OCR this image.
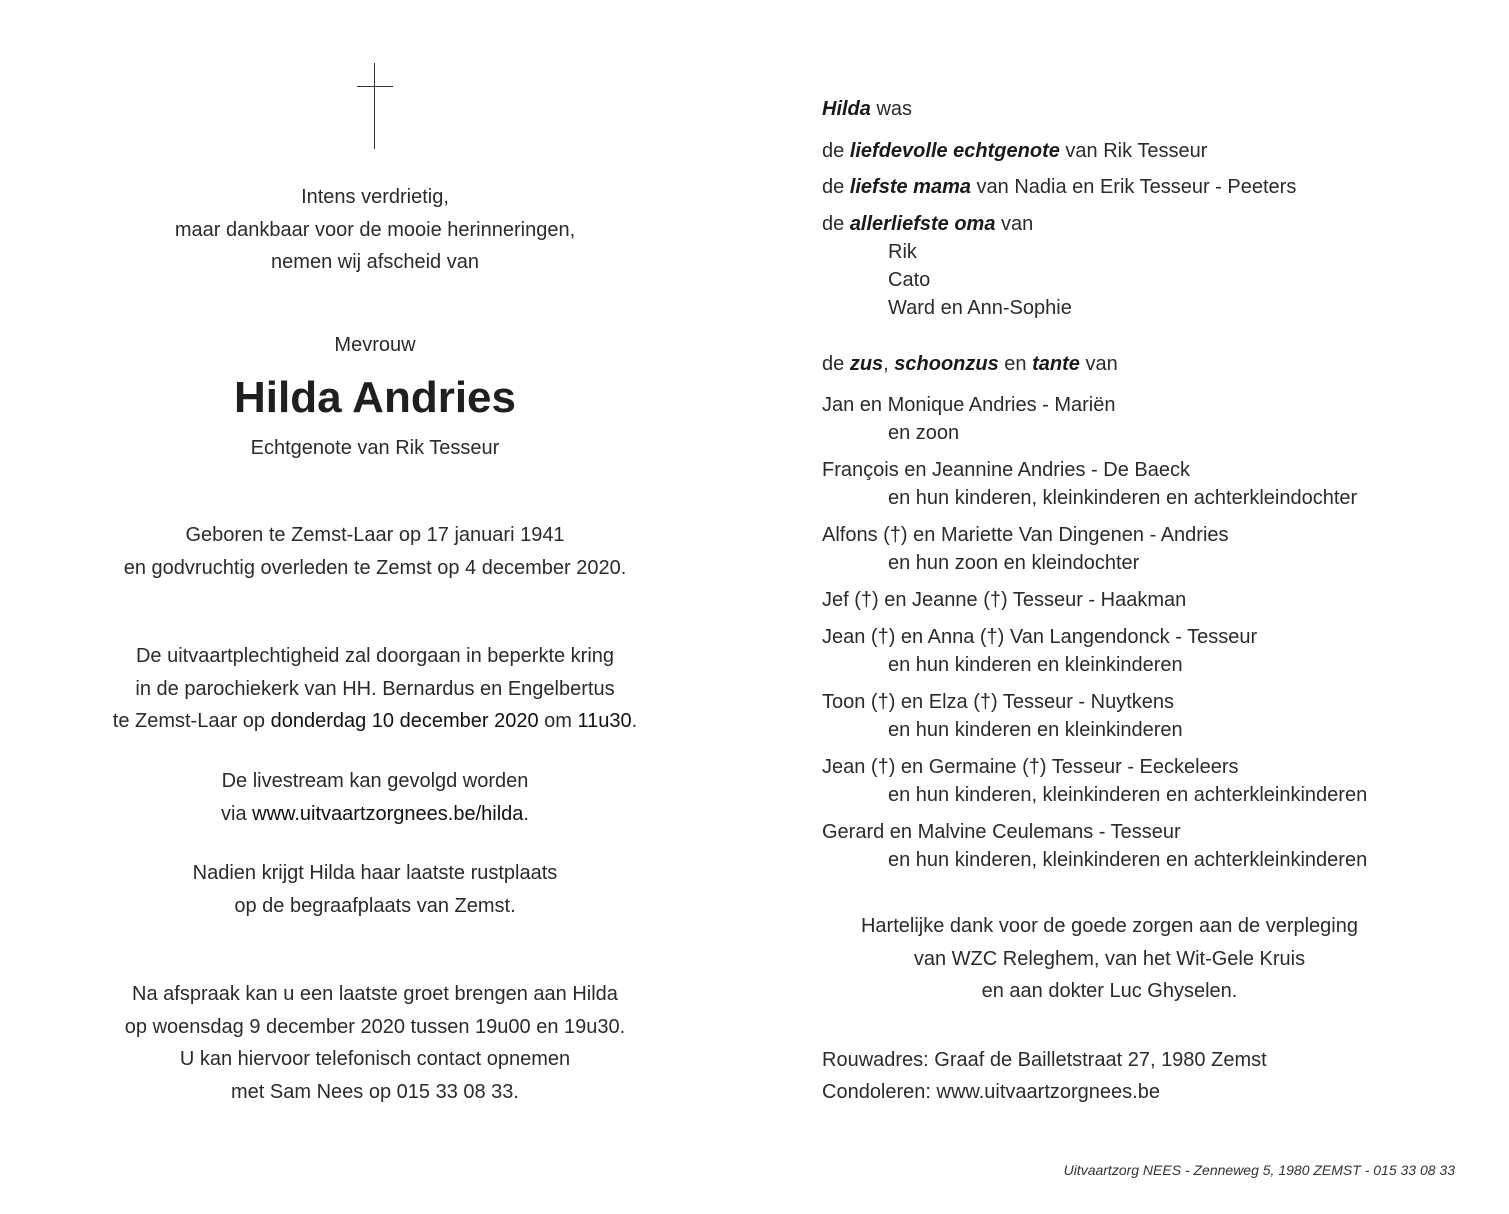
Intens verdrietig,
maar dankbaar voor de mooie herinneringen,
nemen wij afscheid van
Mevrouw
Hilda Andries
Echtgenote van Rik Tesseur
Geboren te Zemst-Laar op 17 januari 1941
en godvruchtig overleden te Zemst op 4 december 2020.
De uitvaartplechtigheid zal doorgaan in beperkte kring
in de parochiekerk van HH. Bernardus en Engelbertus
te Zemst-Laar op donderdag 10 december 2020 om 11u30.
De livestream kan gevolgd worden
via www.uitvaartzorgnees.be/hilda.
Nadien krijgt Hilda haar laatste rustplaats
op de begraafplaats van Zemst.
Na afspraak kan u een laatste groet brengen aan Hilda
op woensdag 9 december 2020 tussen 19u00 en 19u30.
U kan hiervoor telefonisch contact opnemen
met Sam Nees op 015 33 08 33.
Hilda was
de liefdevolle echtgenote van Rik Tesseur
de liefste mama van Nadia en Erik Tesseur - Peeters
de allerliefste oma van
Rik
Cato
Ward en Ann-Sophie
de zus, schoonzus en tante van
Jan en Monique Andries - Mariën
en zoon
François en Jeannine Andries - De Baeck
en hun kinderen, kleinkinderen en achterkleindochter
Alfons (†) en Mariette Van Dingenen - Andries
en hun zoon en kleindochter
Jef (†) en Jeanne (†) Tesseur - Haakman
Jean (†) en Anna (†) Van Langendonck - Tesseur
en hun kinderen en kleinkinderen
Toon (†) en Elza (†) Tesseur - Nuytkens
en hun kinderen en kleinkinderen
Jean (†) en Germaine (†) Tesseur - Eeckeleers
en hun kinderen, kleinkinderen en achterkleinkinderen
Gerard en Malvine Ceulemans - Tesseur
en hun kinderen, kleinkinderen en achterkleinkinderen
Hartelijke dank voor de goede zorgen aan de verpleging
van WZC Releghem, van het Wit-Gele Kruis
en aan dokter Luc Ghyselen.
Rouwadres: Graaf de Bailletstraat 27, 1980 Zemst
Condoleren: www.uitvaartzorgnees.be
Uitvaartzorg NEES - Zenneweg 5, 1980 ZEMST - 015 33 08 33
